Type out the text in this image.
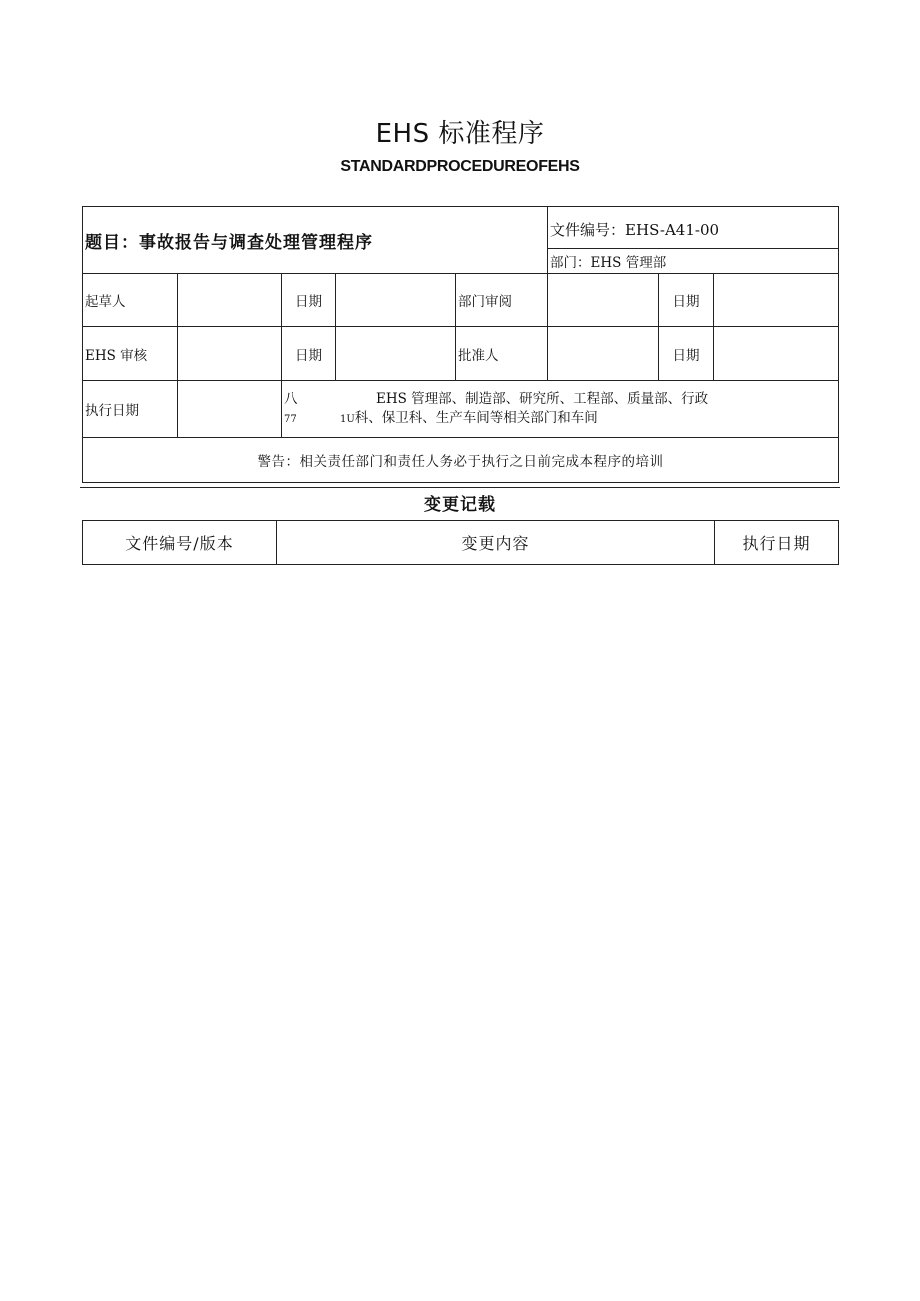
EHS 标准程序
STANDARDPROCEDUREOFEHS
题目：事故报告与调查处理管理程序					文件编号：EHS-A41-00		
					部门：EHS 管理部		
起草人		日期		部门审阅		日期	
EHS 审核		日期		批准人		日期	
执行日期		八 EHS 管理部、制造部、研究所、工程部、质量部、行政
77 1U科、保卫科、生产车间等相关部门和车间					

警告：相关责任部门和责任人务必于执行之日前完成本程序的培训							
变更记载
文件编号/版本	变更内容	执行日期
